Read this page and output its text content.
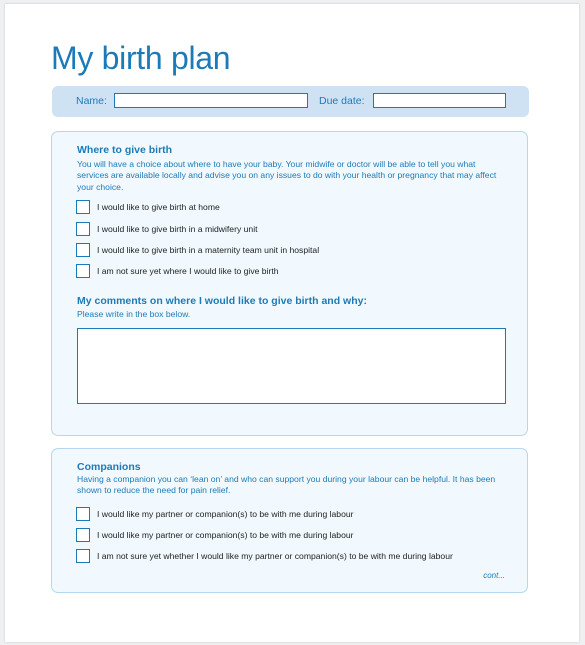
My birth plan
Name:	Due date:
Where to give birth
You will have a choice about where to have your baby. Your midwife or doctor will be able to tell you what services are available locally and advise you on any issues to do with your health or pregnancy that may affect your choice.
I would like to give birth at home
I would like to give birth in a midwifery unit
I would like to give birth in a maternity team unit in hospital
I am not sure yet where I would like to give birth
My comments on where I would like to give birth and why:
Please write in the box below.
Companions
Having a companion you can ‘lean on’ and who can support you during your labour can be helpful. It has been shown to reduce the need for pain relief.
I would like my partner or companion(s) to be with me during labour
I would like my partner or companion(s) to be with me during labour
I am not sure yet whether I would like my partner or companion(s) to be with me during labour
cont...
